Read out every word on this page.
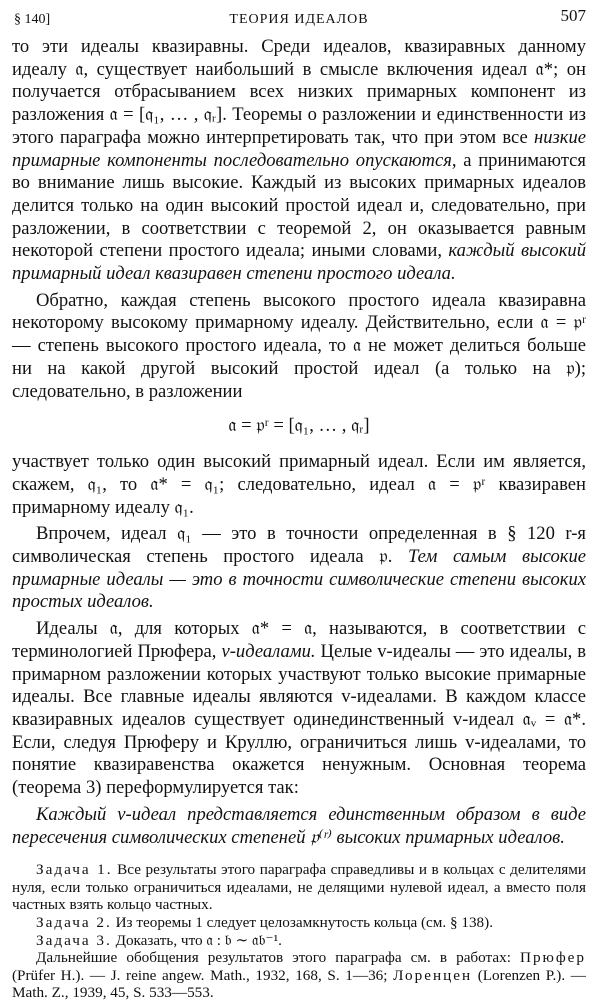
§ 140]	ТЕОРИЯ ИДЕАЛОВ	507

то эти идеалы квазиравны. Среди идеалов, квазиравных данному идеалу 𝔞, существует наибольший в смысле включения идеал 𝔞*; он получается отбрасыванием всех низких примарных компонент из разложения 𝔞 = [𝔮₁, … , 𝔮ᵣ]. Теоремы о разложении и единственности из этого параграфа можно интерпретировать так, что при этом все низкие примарные компоненты последовательно опускаются, а принимаются во внимание лишь высокие. Каждый из высоких примарных идеалов делится только на один высокий простой идеал и, следовательно, при разложении, в соответствии с теоремой 2, он оказывается равным некоторой степени простого идеала; иными словами, каждый высокий примарный идеал квазиравен степени простого идеала.

Обратно, каждая степень высокого простого идеала квазиравна некоторому высокому примарному идеалу. Действительно, если 𝔞 = 𝔭ʳ — степень высокого простого идеала, то 𝔞 не может делиться больше ни на какой другой высокий простой идеал (а только на 𝔭); следовательно, в разложении

𝔞 = 𝔭ʳ = [𝔮₁, … , 𝔮ᵣ]

участвует только один высокий примарный идеал. Если им является, скажем, 𝔮₁, то 𝔞* = 𝔮₁; следовательно, идеал 𝔞 = 𝔭ʳ квазиравен примарному идеалу 𝔮₁.

Впрочем, идеал 𝔮₁ — это в точности определенная в § 120 r-я символическая степень простого идеала 𝔭. Тем самым высокие примарные идеалы — это в точности символические степени высоких простых идеалов.

Идеалы 𝔞, для которых 𝔞* = 𝔞, называются, в соответствии с терминологией Прюфера, v-идеалами. Целые v-идеалы — это идеалы, в примарном разложении которых участвуют только высокие примарные идеалы. Все главные идеалы являются v-идеалами. В каждом классе квазиравных идеалов существует одинединственный v-идеал 𝔞ᵥ = 𝔞*. Если, следуя Прюферу и Круллю, ограничиться лишь v-идеалами, то понятие квазиравенства окажется ненужным. Основная теорема (теорема 3) переформулируется так:

Каждый v-идеал представляется единственным образом в виде пересечения символических степеней 𝔭⁽ʳ⁾ высоких примарных идеалов.

Задача 1. Все результаты этого параграфа справедливы и в кольцах с делителями нуля, если только ограничиться идеалами, не делящими нулевой идеал, а вместо поля частных взять кольцо частных.

Задача 2. Из теоремы 1 следует целозамкнутость кольца (см. § 138).

Задача 3. Доказать, что 𝔞 : 𝔟 ∼ 𝔞𝔟⁻¹.

Дальнейшие обобщения результатов этого параграфа см. в работах: Прюфер (Prüfer H.). — J. reine angew. Math., 1932, 168, S. 1—36; Лоренцен (Lorenzen P.). — Math. Z., 1939, 45, S. 533—553.
